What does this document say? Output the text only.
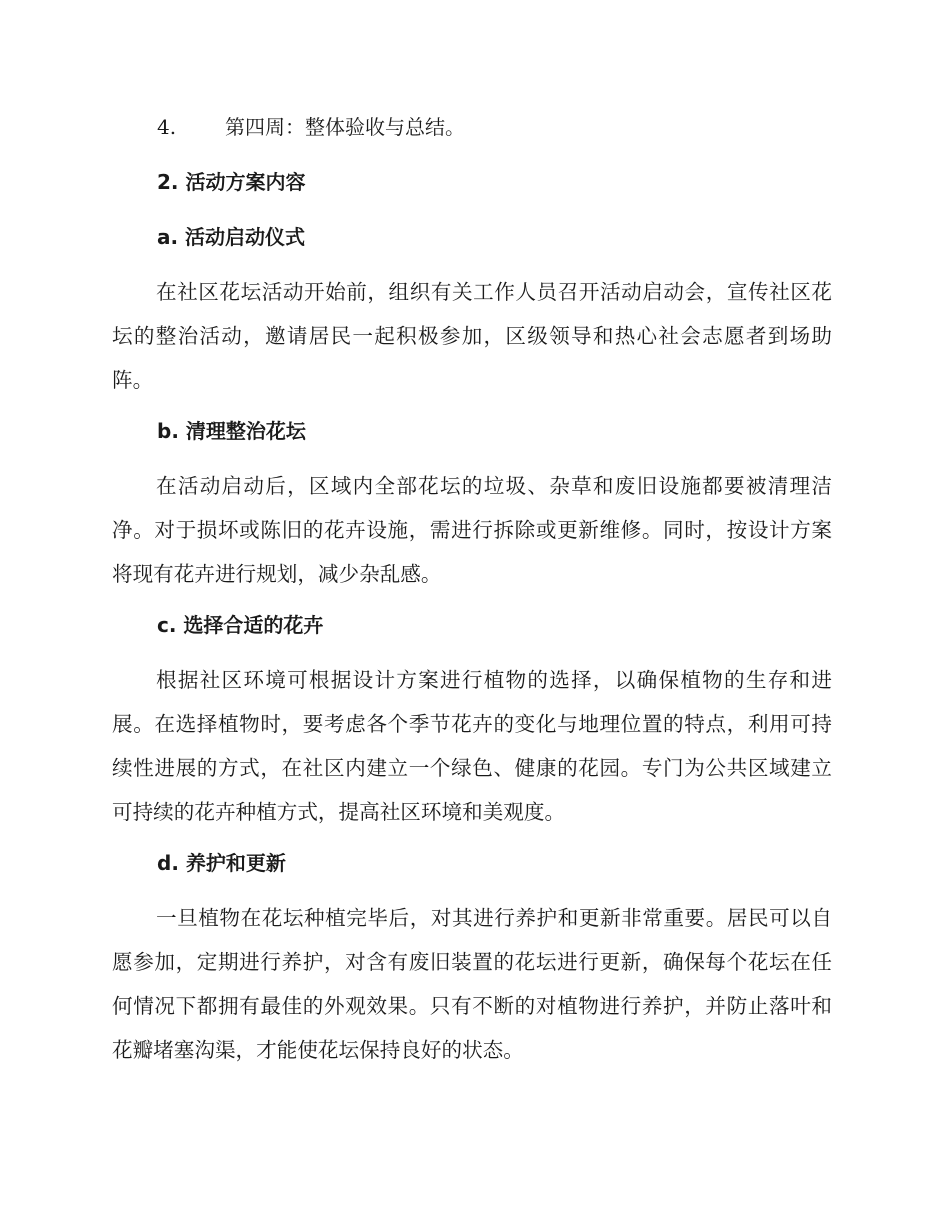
4. 第四周：整体验收与总结。
2. 活动方案内容
a. 活动启动仪式

在社区花坛活动开始前，组织有关工作人员召开活动启动会，宣传社区花坛的整治活动，邀请居民一起积极参加，区级领导和热心社会志愿者到场助阵。

b. 清理整治花坛

在活动启动后，区域内全部花坛的垃圾、杂草和废旧设施都要被清理洁净。对于损坏或陈旧的花卉设施，需进行拆除或更新维修。同时，按设计方案将现有花卉进行规划，减少杂乱感。

c. 选择合适的花卉

根据社区环境可根据设计方案进行植物的选择，以确保植物的生存和进展。在选择植物时，要考虑各个季节花卉的变化与地理位置的特点，利用可持续性进展的方式，在社区内建立一个绿色、健康的花园。专门为公共区域建立可持续的花卉种植方式，提高社区环境和美观度。

d. 养护和更新

一旦植物在花坛种植完毕后，对其进行养护和更新非常重要。居民可以自愿参加，定期进行养护，对含有废旧装置的花坛进行更新，确保每个花坛在任何情况下都拥有最佳的外观效果。只有不断的对植物进行养护，并防止落叶和花瓣堵塞沟渠，才能使花坛保持良好的状态。
